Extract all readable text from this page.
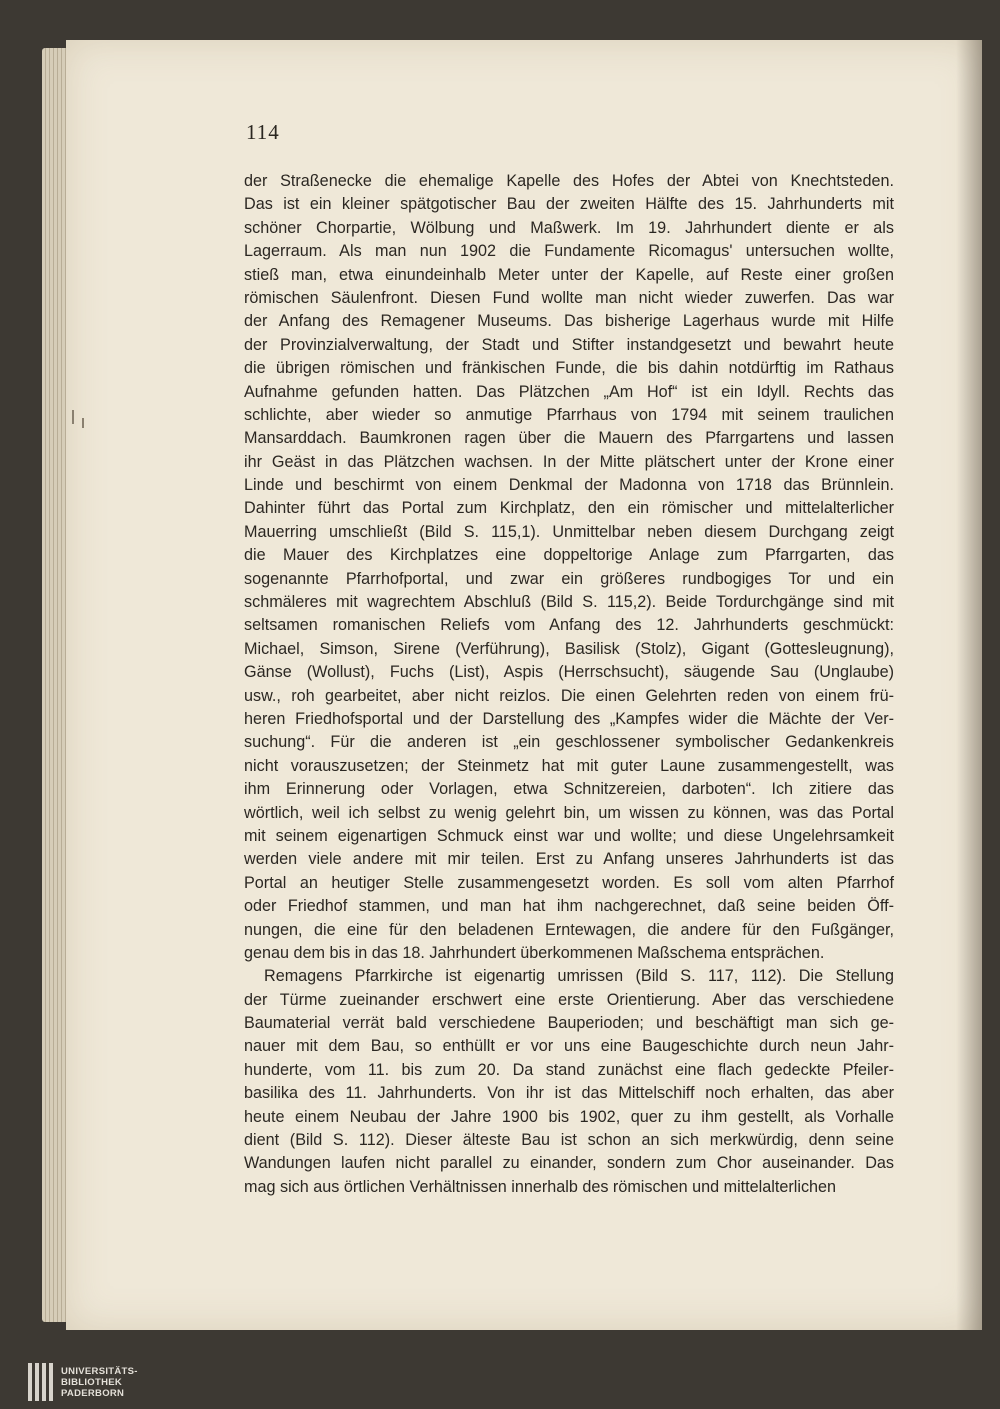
114
der Straßenecke die ehemalige Kapelle des Hofes der Abtei von Knechtsteden.
Das ist ein kleiner spätgotischer Bau der zweiten Hälfte des 15. Jahrhunderts mit
schöner Chorpartie, Wölbung und Maßwerk. Im 19. Jahrhundert diente er als
Lagerraum. Als man nun 1902 die Fundamente Ricomagus' untersuchen wollte,
stieß man, etwa einundeinhalb Meter unter der Kapelle, auf Reste einer großen
römischen Säulenfront. Diesen Fund wollte man nicht wieder zuwerfen. Das war
der Anfang des Remagener Museums. Das bisherige Lagerhaus wurde mit Hilfe
der Provinzialverwaltung, der Stadt und Stifter instandgesetzt und bewahrt heute
die übrigen römischen und fränkischen Funde, die bis dahin notdürftig im Rathaus
Aufnahme gefunden hatten. Das Plätzchen „Am Hof“ ist ein Idyll. Rechts das
schlichte, aber wieder so anmutige Pfarrhaus von 1794 mit seinem traulichen
Mansarddach. Baumkronen ragen über die Mauern des Pfarrgartens und lassen
ihr Geäst in das Plätzchen wachsen. In der Mitte plätschert unter der Krone einer
Linde und beschirmt von einem Denkmal der Madonna von 1718 das Brünnlein.
Dahinter führt das Portal zum Kirchplatz, den ein römischer und mittelalterlicher
Mauerring umschließt (Bild S. 115,1). Unmittelbar neben diesem Durchgang zeigt
die Mauer des Kirchplatzes eine doppeltorige Anlage zum Pfarrgarten, das
sogenannte Pfarrhofportal, und zwar ein größeres rundbogiges Tor und ein
schmäleres mit wagrechtem Abschluß (Bild S. 115,2). Beide Tordurchgänge sind mit
seltsamen romanischen Reliefs vom Anfang des 12. Jahrhunderts geschmückt:
Michael, Simson, Sirene (Verführung), Basilisk (Stolz), Gigant (Gottesleugnung),
Gänse (Wollust), Fuchs (List), Aspis (Herrschsucht), säugende Sau (Unglaube)
usw., roh gearbeitet, aber nicht reizlos. Die einen Gelehrten reden von einem frü-
heren Friedhofsportal und der Darstellung des „Kampfes wider die Mächte der Ver-
suchung“. Für die anderen ist „ein geschlossener symbolischer Gedankenkreis
nicht vorauszusetzen; der Steinmetz hat mit guter Laune zusammengestellt, was
ihm Erinnerung oder Vorlagen, etwa Schnitzereien, darboten“. Ich zitiere das
wörtlich, weil ich selbst zu wenig gelehrt bin, um wissen zu können, was das Portal
mit seinem eigenartigen Schmuck einst war und wollte; und diese Ungelehrsamkeit
werden viele andere mit mir teilen. Erst zu Anfang unseres Jahrhunderts ist das
Portal an heutiger Stelle zusammengesetzt worden. Es soll vom alten Pfarrhof
oder Friedhof stammen, und man hat ihm nachgerechnet, daß seine beiden Öff-
nungen, die eine für den beladenen Erntewagen, die andere für den Fußgänger,
genau dem bis in das 18. Jahrhundert überkommenen Maßschema entsprächen.
Remagens Pfarrkirche ist eigenartig umrissen (Bild S. 117, 112). Die Stellung
der Türme zueinander erschwert eine erste Orientierung. Aber das verschiedene
Baumaterial verrät bald verschiedene Bauperioden; und beschäftigt man sich ge-
nauer mit dem Bau, so enthüllt er vor uns eine Baugeschichte durch neun Jahr-
hunderte, vom 11. bis zum 20. Da stand zunächst eine flach gedeckte Pfeiler-
basilika des 11. Jahrhunderts. Von ihr ist das Mittelschiff noch erhalten, das aber
heute einem Neubau der Jahre 1900 bis 1902, quer zu ihm gestellt, als Vorhalle
dient (Bild S. 112). Dieser älteste Bau ist schon an sich merkwürdig, denn seine
Wandungen laufen nicht parallel zu einander, sondern zum Chor auseinander. Das
mag sich aus örtlichen Verhältnissen innerhalb des römischen und mittelalterlichen
UNIVERSITÄTS-
BIBLIOTHEK
PADERBORN
